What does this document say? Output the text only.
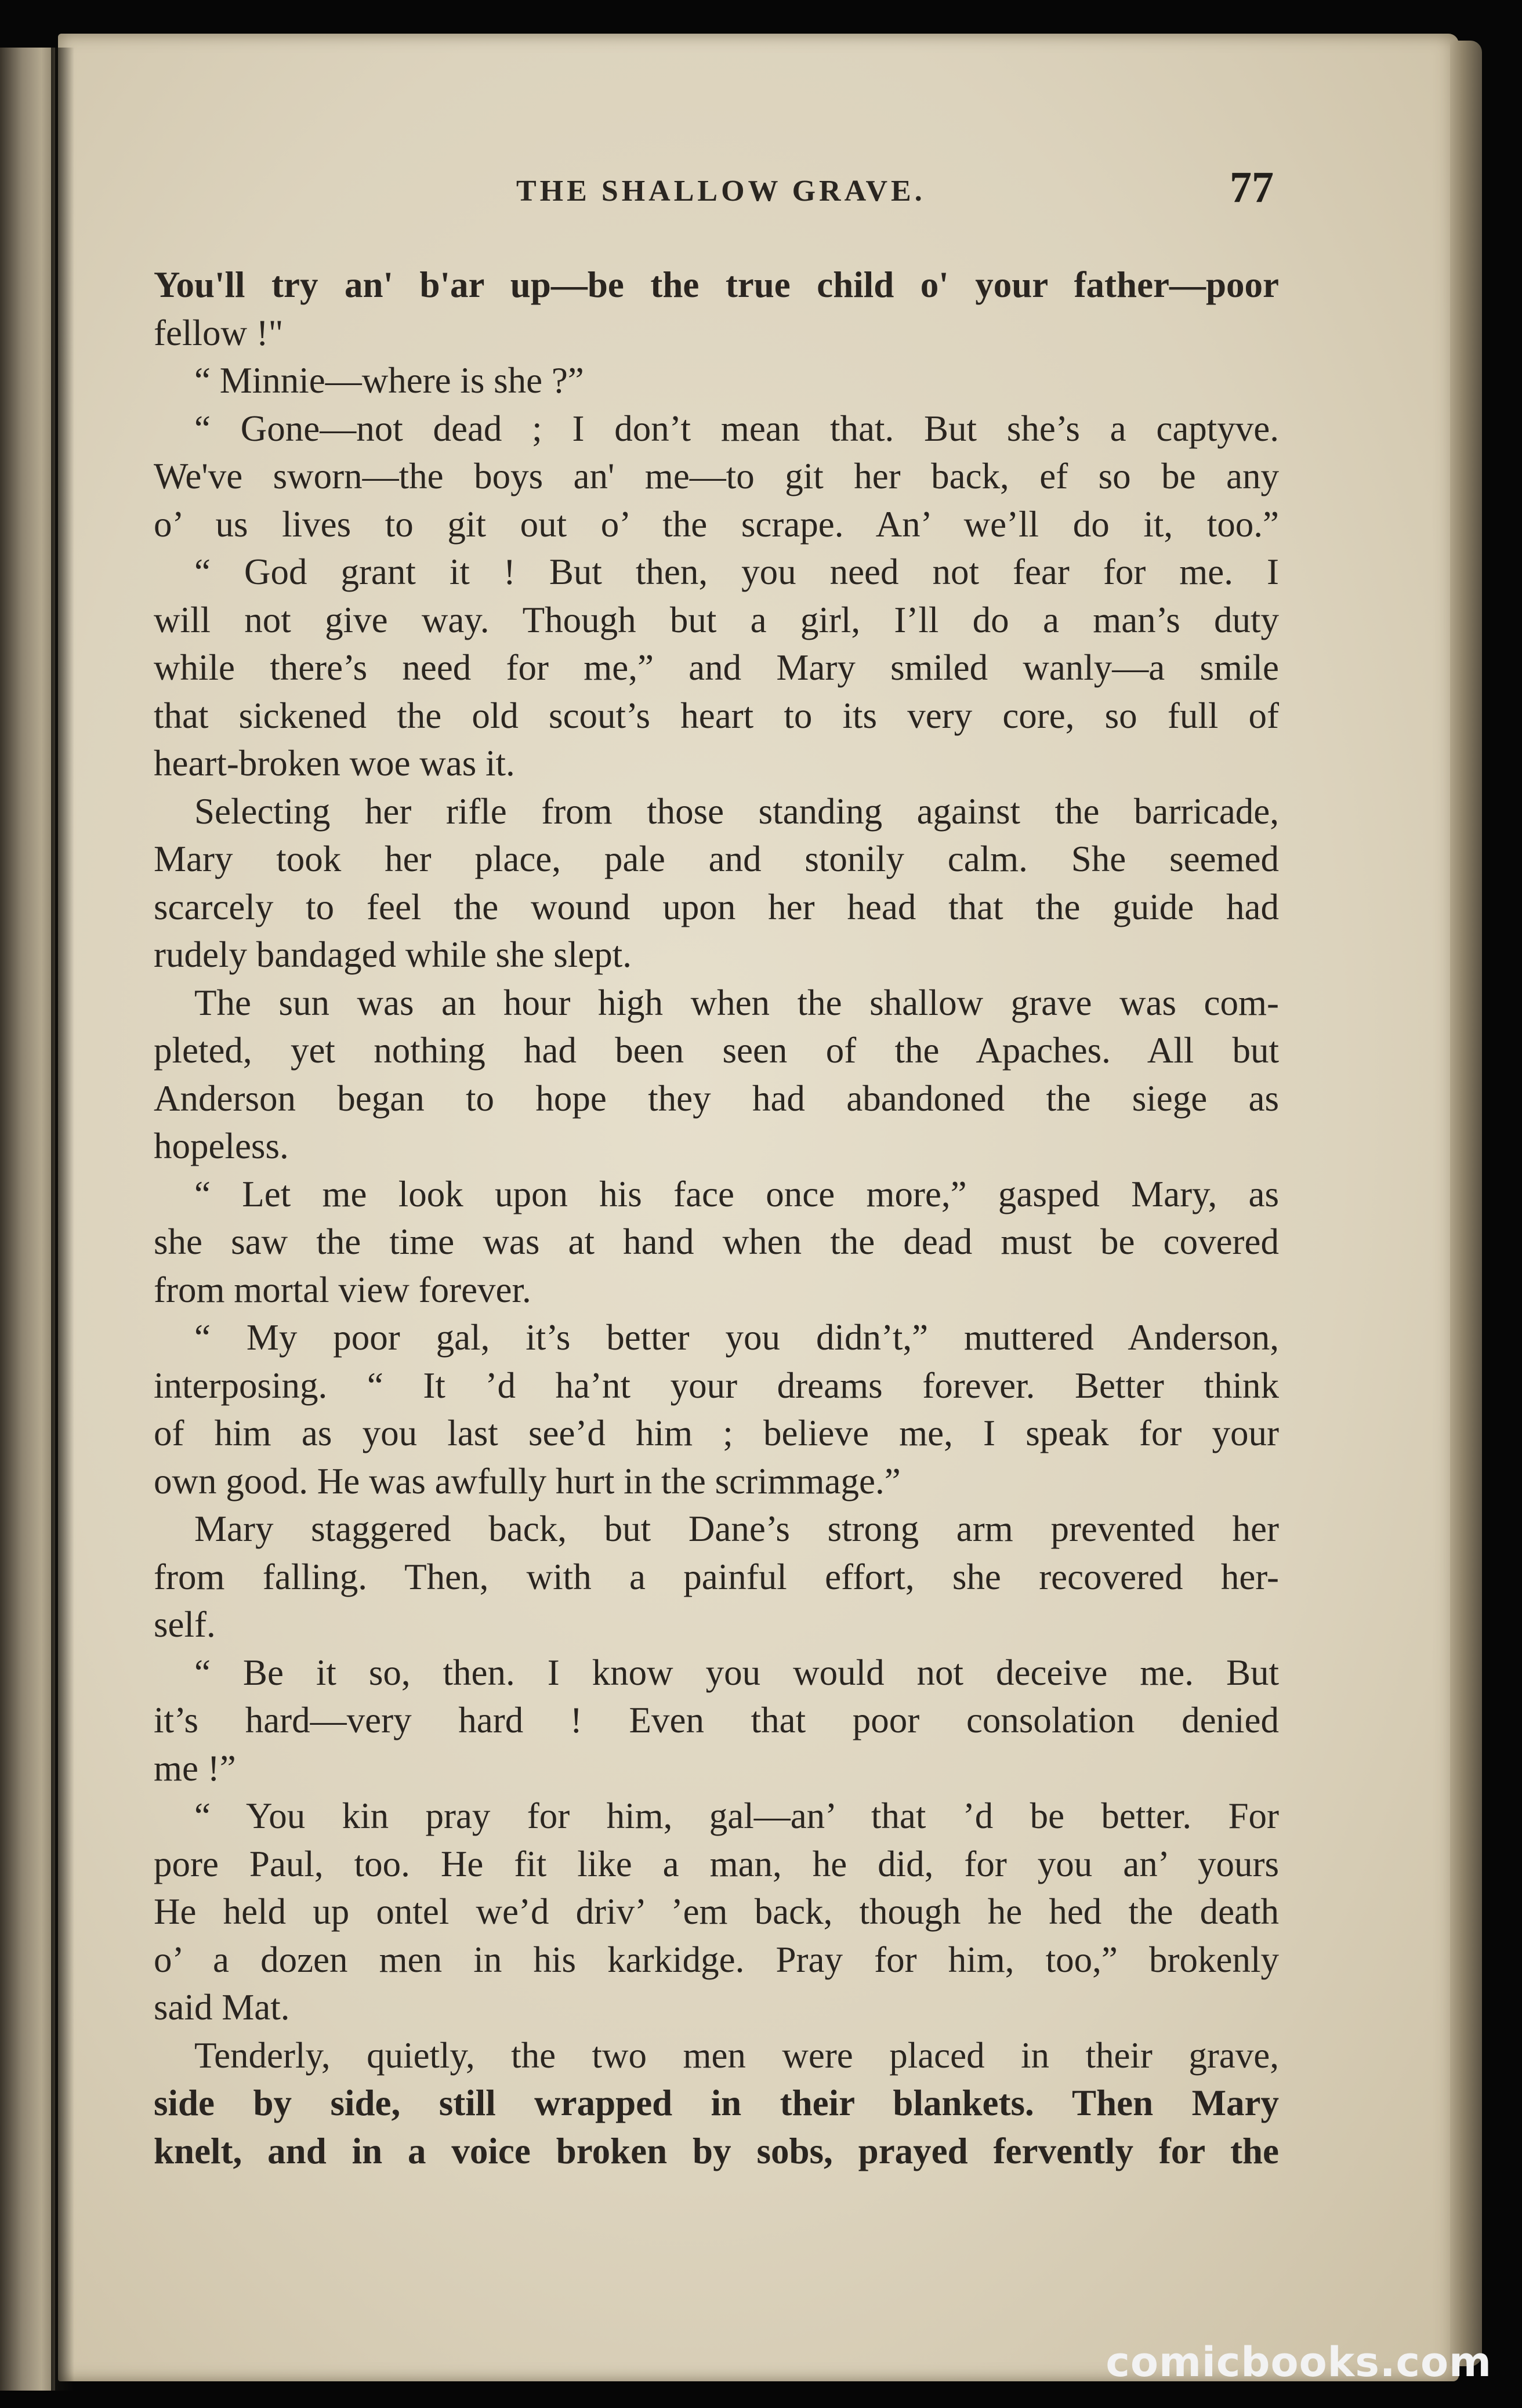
THE SHALLOW GRAVE.	77
You'll try an' b'ar up—be the true child o' your father—poor
fellow !"
“ Minnie—where is she ?”
“ Gone—not dead ; I don’t mean that. But she’s a captyve.
We've sworn—the boys an' me—to git her back, ef so be any
o’ us lives to git out o’ the scrape. An’ we’ll do it, too.”
“ God grant it ! But then, you need not fear for me. I
will not give way. Though but a girl, I’ll do a man’s duty
while there’s need for me,” and Mary smiled wanly—a smile
that sickened the old scout’s heart to its very core, so full of
heart-broken woe was it.
Selecting her rifle from those standing against the barricade,
Mary took her place, pale and stonily calm. She seemed
scarcely to feel the wound upon her head that the guide had
rudely bandaged while she slept.
The sun was an hour high when the shallow grave was com-
pleted, yet nothing had been seen of the Apaches. All but
Anderson began to hope they had abandoned the siege as
hopeless.
“ Let me look upon his face once more,” gasped Mary, as
she saw the time was at hand when the dead must be covered
from mortal view forever.
“ My poor gal, it’s better you didn’t,” muttered Anderson,
interposing. “ It ’d ha’nt your dreams forever. Better think
of him as you last see’d him ; believe me, I speak for your
own good. He was awfully hurt in the scrimmage.”
Mary staggered back, but Dane’s strong arm prevented her
from falling. Then, with a painful effort, she recovered her-
self.
“ Be it so, then. I know you would not deceive me. But
it’s hard—very hard ! Even that poor consolation denied
me !”
“ You kin pray for him, gal—an’ that ’d be better. For
pore Paul, too. He fit like a man, he did, for you an’ yours
He held up ontel we’d driv’ ’em back, though he hed the death
o’ a dozen men in his karkidge. Pray for him, too,” brokenly
said Mat.
Tenderly, quietly, the two men were placed in their grave,
side by side, still wrapped in their blankets. Then Mary
knelt, and in a voice broken by sobs, prayed fervently for the
comicbooks.com
